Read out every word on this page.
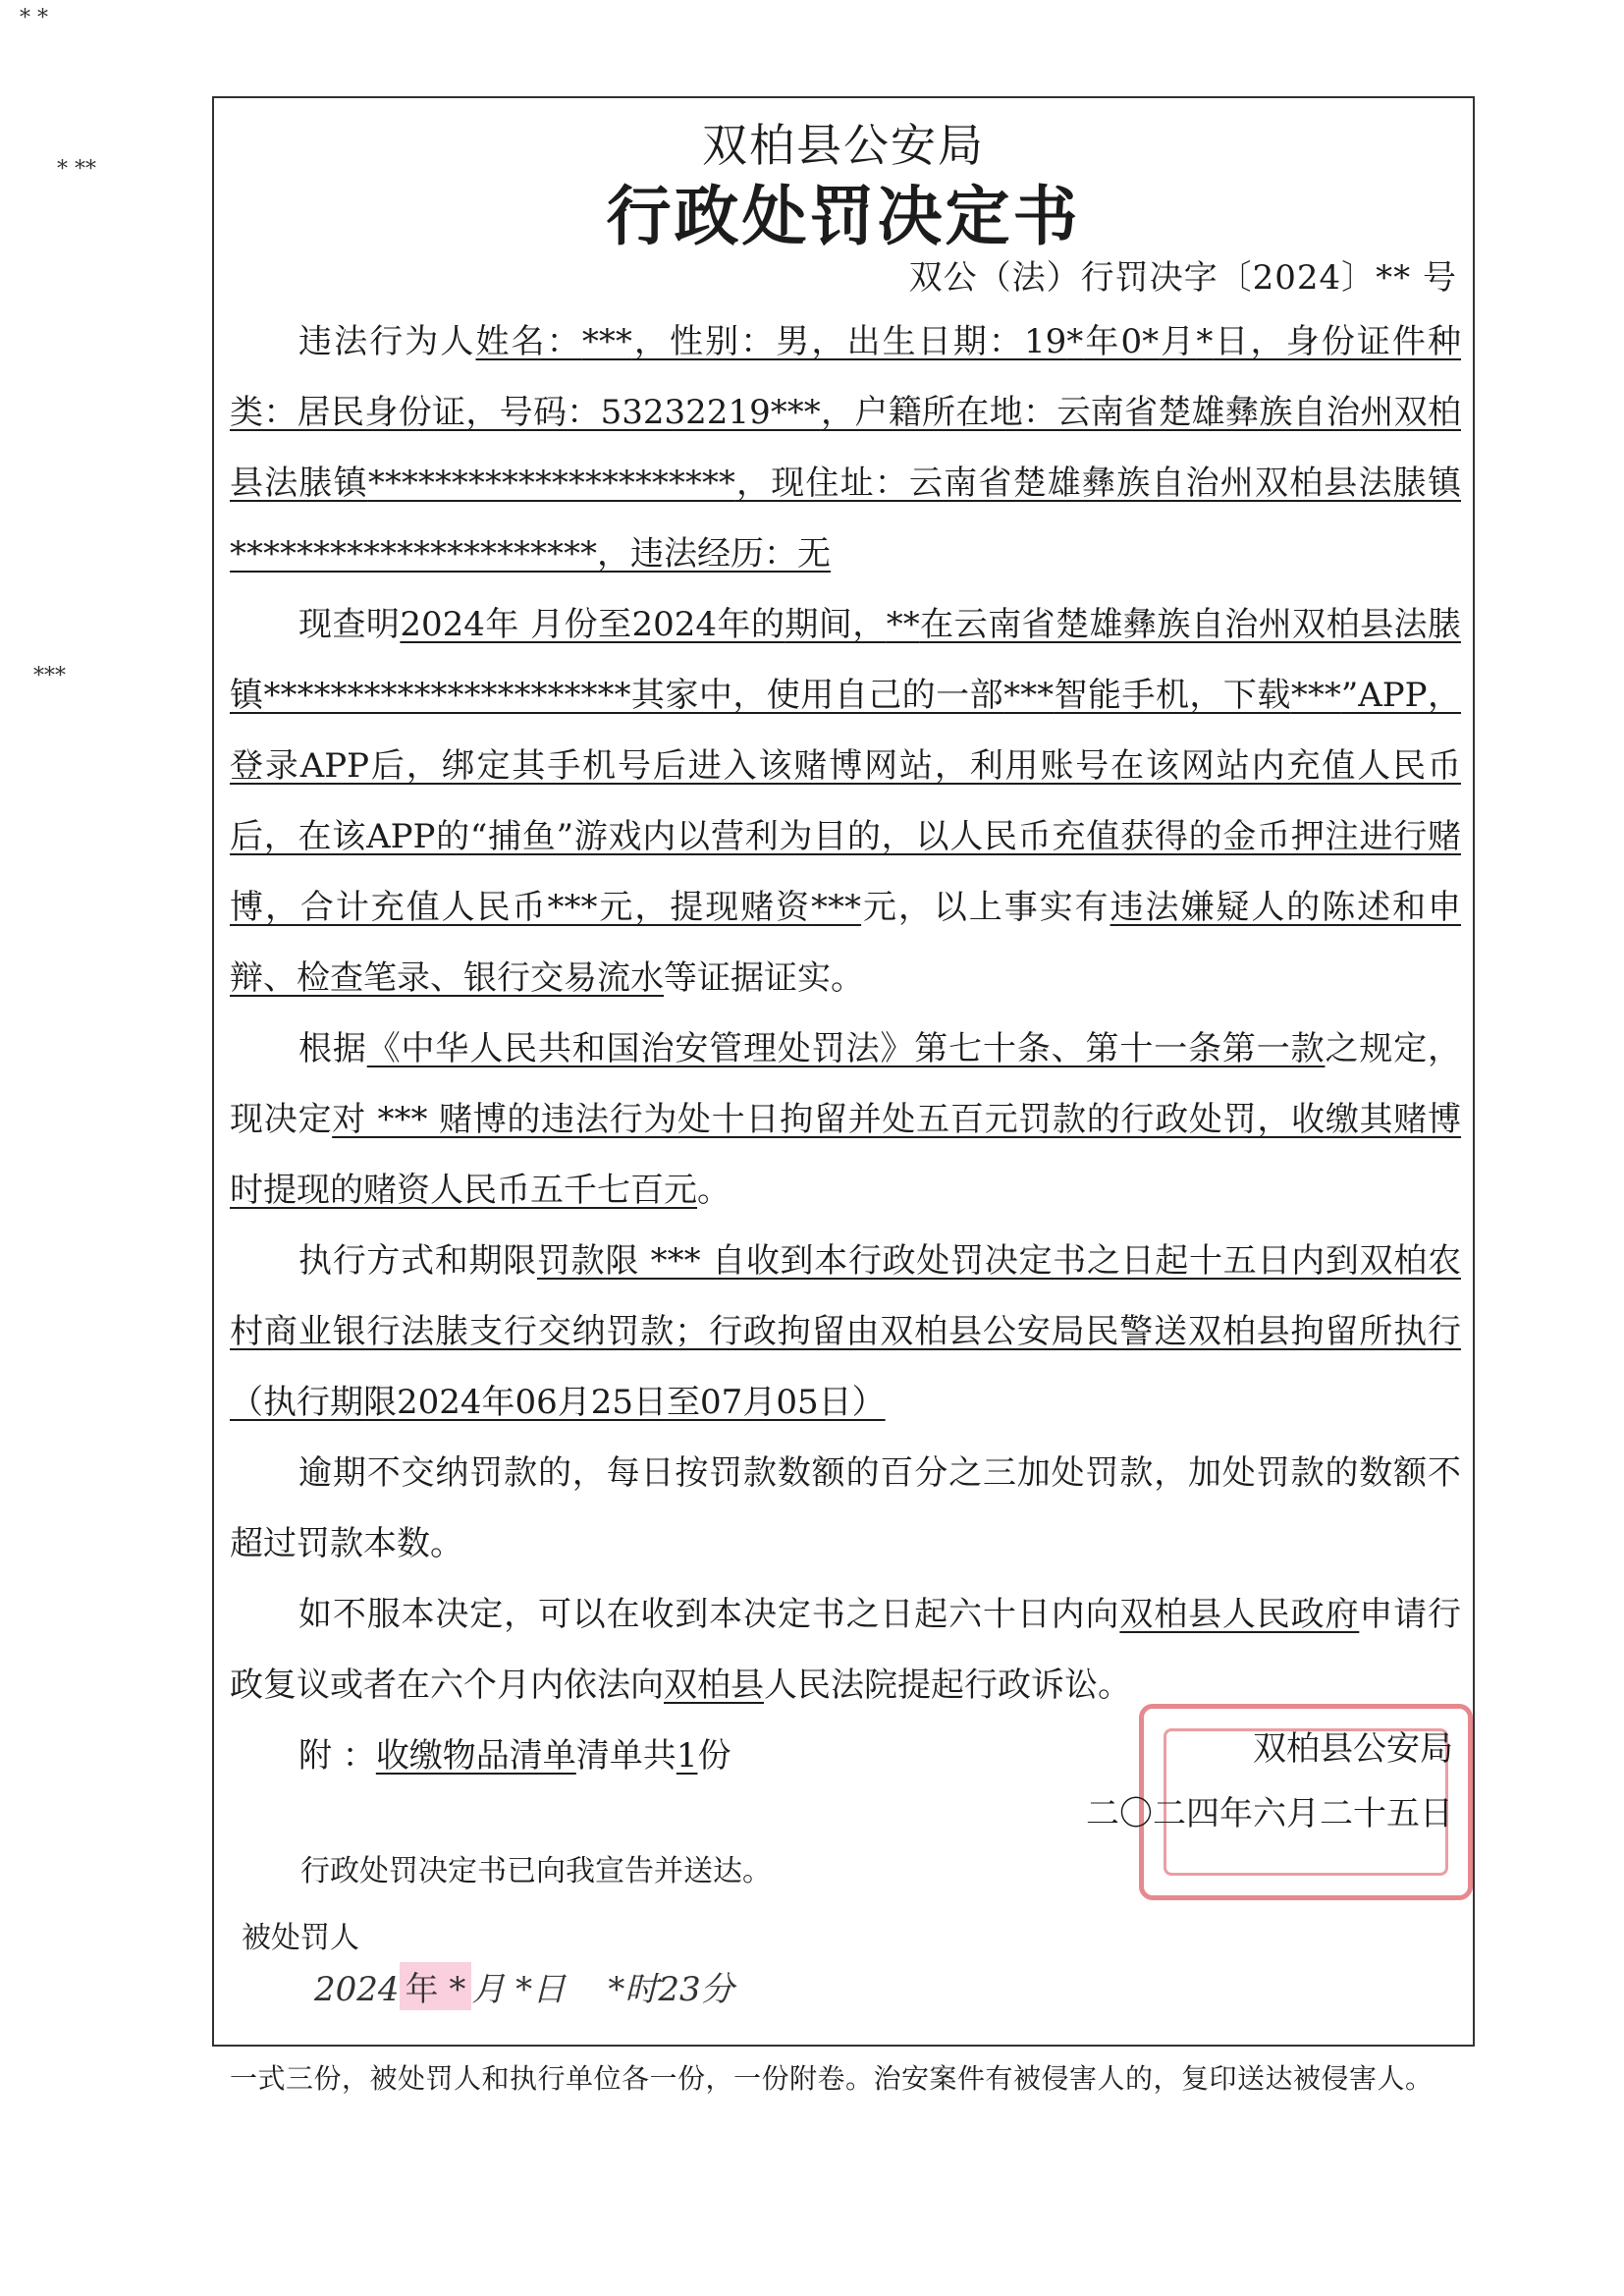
* *
* **
***
双柏县公安局
行政处罚决定书
双公（法）行罚决字〔2024〕** 号

违法行为人姓名：***，性别：男，出生日期：19*年0*月*日，身份证件种类：居民身份证，号码：53232219***，户籍所在地：云南省楚雄彝族自治州双柏县法脿镇**********************，现住址：云南省楚雄彝族自治州双柏县法脿镇**********************，违法经历：无

现查明2024年 月份至2024年的期间，**在云南省楚雄彝族自治州双柏县法脿镇**********************其家中，使用自己的一部***智能手机，下载***”APP，登录APP后，绑定其手机号后进入该赌博网站，利用账号在该网站内充值人民币后，在该APP的“捕鱼”游戏内以营利为目的，以人民币充值获得的金币押注进行赌博，合计充值人民币***元，提现赌资***元，以上事实有违法嫌疑人的陈述和申辩、检查笔录、银行交易流水等证据证实。

根据《中华人民共和国治安管理处罚法》第七十条、第十一条第一款之规定，现决定对 *** 赌博的违法行为处十日拘留并处五百元罚款的行政处罚，收缴其赌博时提现的赌资人民币五千七百元。

执行方式和期限罚款限 *** 自收到本行政处罚决定书之日起十五日内到双柏农村商业银行法脿支行交纳罚款；行政拘留由双柏县公安局民警送双柏县拘留所执行（执行期限2024年06月25日至07月05日）

逾期不交纳罚款的，每日按罚款数额的百分之三加处罚款，加处罚款的数额不超过罚款本数。

如不服本决定，可以在收到本决定书之日起六十日内向双柏县人民政府申请行政复议或者在六个月内依法向双柏县人民法院提起行政诉讼。

附 ：收缴物品清单清单共1份	双柏县公安局
二〇二四年六月二十五日
行政处罚决定书已向我宣告并送达。
被处罚人
2024 年 * 月 *日 *时23分
一式三份，被处罚人和执行单位各一份，一份附卷。治安案件有被侵害人的，复印送达被侵害人。
